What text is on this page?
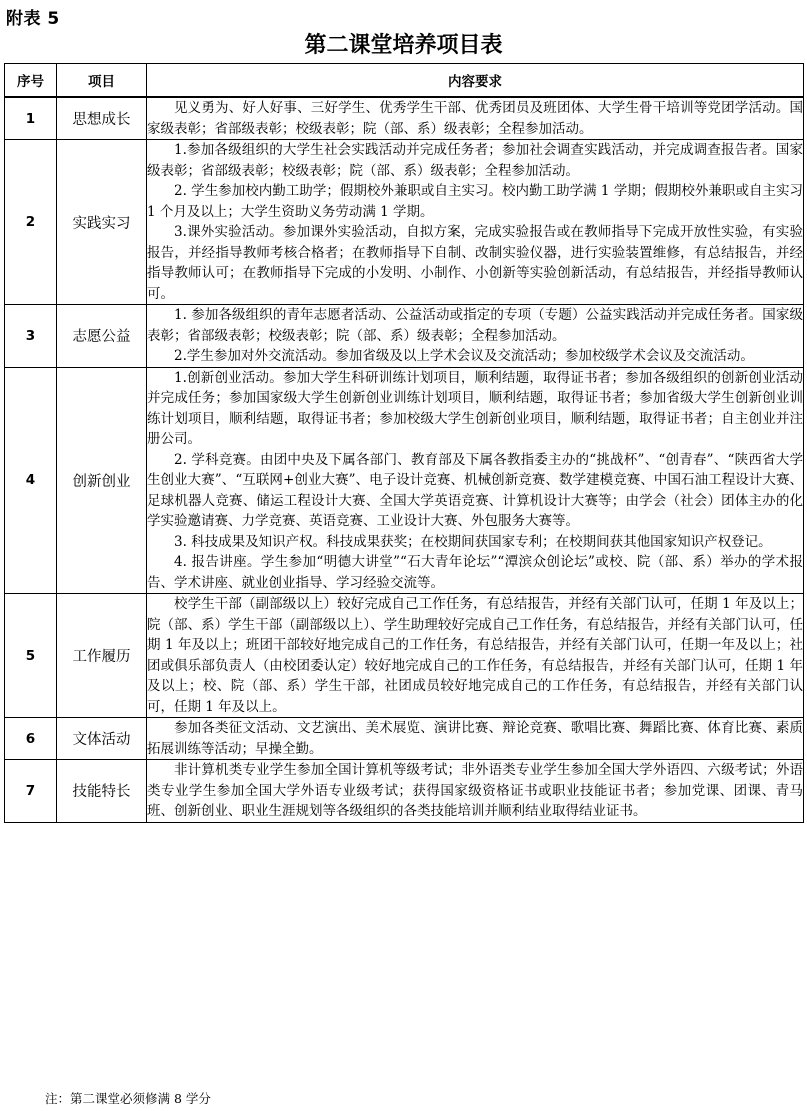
附表 5
第二课堂培养项目表
序号	项目	内容要求
1	思想成长	见义勇为、好人好事、三好学生、优秀学生干部、优秀团员及班团体、大学生骨干培训等党团学活动。国家级表彰；省部级表彰；校级表彰；院（部、系）级表彰；全程参加活动。

2	实践实习	1.参加各级组织的大学生社会实践活动并完成任务者；参加社会调查实践活动，并完成调查报告者。国家级表彰；省部级表彰；校级表彰；院（部、系）级表彰；全程参加活动。

2. 学生参加校内勤工助学；假期校外兼职或自主实习。校内勤工助学满 1 学期；假期校外兼职或自主实习 1 个月及以上；大学生资助义务劳动满 1 学期。

3.课外实验活动。参加课外实验活动，自拟方案，完成实验报告或在教师指导下完成开放性实验，有实验报告，并经指导教师考核合格者；在教师指导下自制、改制实验仪器，进行实验装置维修，有总结报告，并经指导教师认可；在教师指导下完成的小发明、小制作、小创新等实验创新活动，有总结报告，并经指导教师认可。

3	志愿公益	1. 参加各级组织的青年志愿者活动、公益活动或指定的专项（专题）公益实践活动并完成任务者。国家级表彰；省部级表彰；校级表彰；院（部、系）级表彰；全程参加活动。

2.学生参加对外交流活动。参加省级及以上学术会议及交流活动；参加校级学术会议及交流活动。

4	创新创业	1.创新创业活动。参加大学生科研训练计划项目，顺利结题，取得证书者；参加各级组织的创新创业活动并完成任务；参加国家级大学生创新创业训练计划项目，顺利结题，取得证书者；参加省级大学生创新创业训练计划项目，顺利结题，取得证书者；参加校级大学生创新创业项目，顺利结题，取得证书者；自主创业并注册公司。

2. 学科竞赛。由团中央及下属各部门、教育部及下属各教指委主办的“挑战杯”、“创青春”、“陕西省大学生创业大赛”、“互联网+创业大赛”、电子设计竞赛、机械创新竞赛、数学建模竞赛、中国石油工程设计大赛、足球机器人竞赛、储运工程设计大赛、全国大学英语竞赛、计算机设计大赛等；由学会（社会）团体主办的化学实验邀请赛、力学竞赛、英语竞赛、工业设计大赛、外包服务大赛等。

3. 科技成果及知识产权。科技成果获奖；在校期间获国家专利；在校期间获其他国家知识产权登记。

4. 报告讲座。学生参加“明德大讲堂”“石大青年论坛”“潭滨众创论坛”或校、院（部、系）举办的学术报告、学术讲座、就业创业指导、学习经验交流等。

5	工作履历	校学生干部（副部级以上）较好完成自己工作任务，有总结报告，并经有关部门认可，任期 1 年及以上；院（部、系）学生干部（副部级以上）、学生助理较好完成自己工作任务，有总结报告，并经有关部门认可，任期 1 年及以上；班团干部较好地完成自己的工作任务，有总结报告，并经有关部门认可，任期一年及以上；社团或俱乐部负责人（由校团委认定）较好地完成自己的工作任务，有总结报告，并经有关部门认可，任期 1 年及以上；校、院（部、系）学生干部，社团成员较好地完成自己的工作任务，有总结报告，并经有关部门认可，任期 1 年及以上。

6	文体活动	参加各类征文活动、文艺演出、美术展览、演讲比赛、辩论竞赛、歌唱比赛、舞蹈比赛、体育比赛、素质拓展训练等活动；早操全勤。

7	技能特长	非计算机类专业学生参加全国计算机等级考试；非外语类专业学生参加全国大学外语四、六级考试；外语类专业学生参加全国大学外语专业级考试；获得国家级资格证书或职业技能证书者；参加党课、团课、青马班、创新创业、职业生涯规划等各级组织的各类技能培训并顺利结业取得结业证书。

注：第二课堂必须修满 8 学分
